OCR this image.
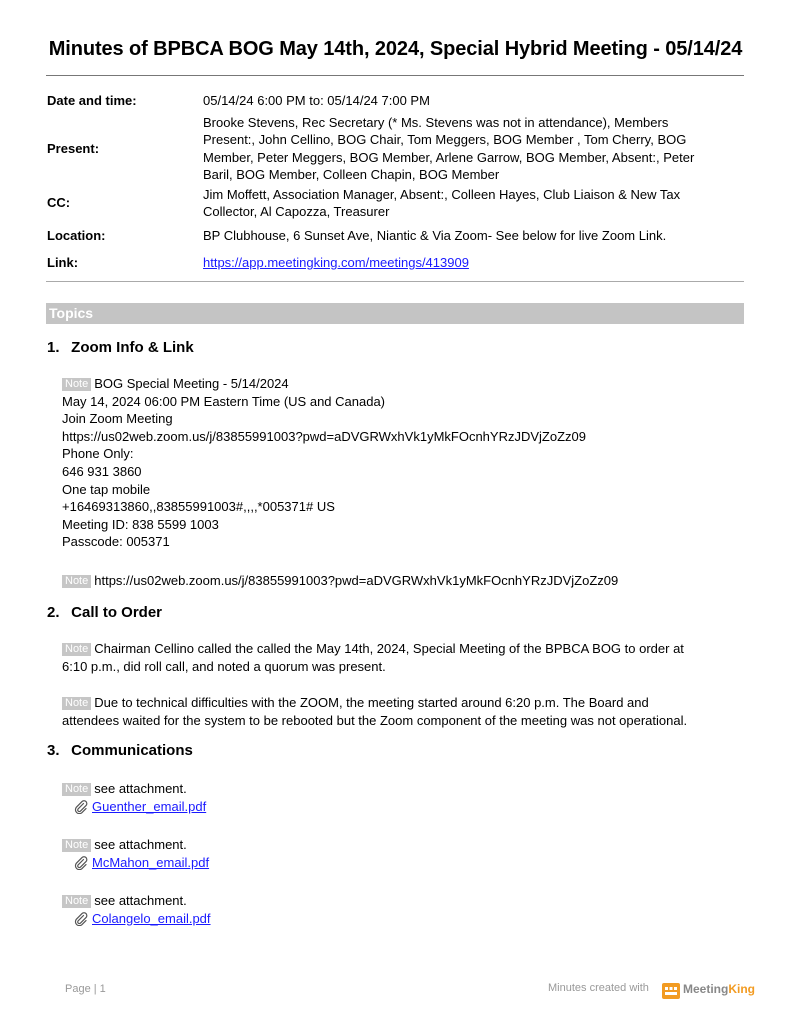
Minutes of BPBCA BOG May 14th, 2024, Special Hybrid Meeting - 05/14/24
Date and time:	05/14/24 6:00 PM to: 05/14/24 7:00 PM
Present:
Brooke Stevens, Rec Secretary (* Ms. Stevens was not in attendance), Members
Present:, John Cellino, BOG Chair, Tom Meggers, BOG Member , Tom Cherry, BOG
Member, Peter Meggers, BOG Member, Arlene Garrow, BOG Member, Absent:, Peter
Baril, BOG Member, Colleen Chapin, BOG Member
CC:
Jim Moffett, Association Manager, Absent:, Colleen Hayes, Club Liaison & New Tax
Collector, Al Capozza, Treasurer
Location:	BP Clubhouse, 6 Sunset Ave, Niantic & Via Zoom- See below for live Zoom Link.
Link:	https://app.meetingking.com/meetings/413909
Topics
1. Zoom Info & Link
Note BOG Special Meeting - 5/14/2024
May 14, 2024 06:00 PM Eastern Time (US and Canada)
Join Zoom Meeting
https://us02web.zoom.us/j/83855991003?pwd=aDVGRWxhVk1yMkFOcnhYRzJDVjZoZz09
Phone Only:
646 931 3860
One tap mobile
+16469313860,,83855991003#,,,,*005371# US
Meeting ID: 838 5599 1003
Passcode: 005371
Note https://us02web.zoom.us/j/83855991003?pwd=aDVGRWxhVk1yMkFOcnhYRzJDVjZoZz09
2. Call to Order
Note Chairman Cellino called the called the May 14th, 2024, Special Meeting of the BPBCA BOG to order at
6:10 p.m., did roll call, and noted a quorum was present.
Note Due to technical difficulties with the ZOOM, the meeting started around 6:20 p.m. The Board and
attendees waited for the system to be rebooted but the Zoom component of the meeting was not operational.
3. Communications
Note see attachment.
Guenther_email.pdf
Note see attachment.
McMahon_email.pdf
Note see attachment.
Colangelo_email.pdf
Page | 1	Minutes created with	MeetingKing
